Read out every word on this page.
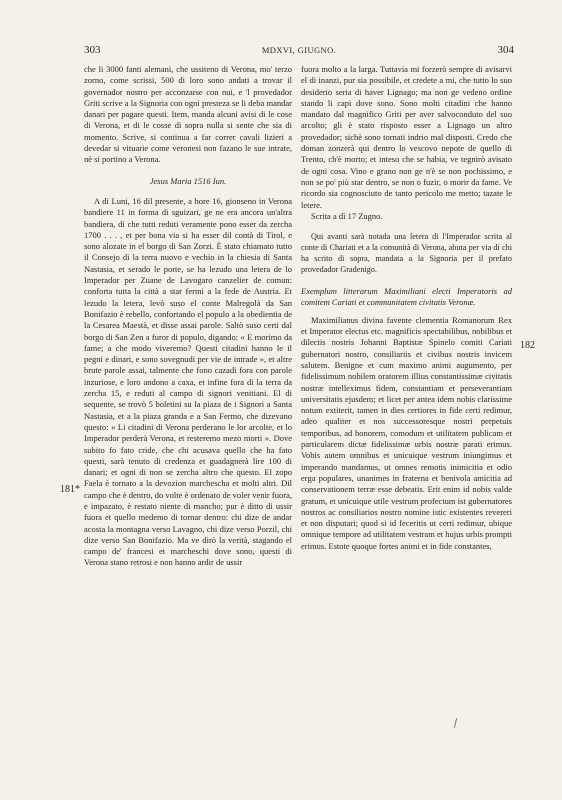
303	MDXVI, GIUGNO.	304

che li 3000 fanti alemani, che ussiteno di Verona, mo' terzo zorno, come scrissi, 500 di loro sono andati a trovar il governador nostro per acconzarse con nui, e 'l provedador Griti scrive a la Signoria con ogni presteza se li deba mandar danari per pagare questi. Item, manda alcuni avisi di le cose di Verona, et di le cosse di sopra nulla si sente che sia di momento. Scrive, si continua a far correr cavali lizieri a devedar si vituarie come veronesi non fazano le sue intrate, nè si portino a Verona.

Jesus Maria 1516 Iun.

A dì Luni, 16 dil presente, a hore 16, gionseno in Verona bandiere 11 in forma di sguizari, ge ne era ancora un'altra bandiera, di che tutti reduti veramente pono esser da zercha 1700 . . . , et per bona via si ha esser dil contà di Tirol, e sono alozate in el borgo di San Zorzi. È stato chiamato tutto il Consejo di la terra nuovo e vechio in la chiesia di Santa Nastasia, et serado le porte, se ha lezudo una letera de lo Imperador per Zuane de Lavogaro canzelier de comun: conforta tutta la città a star fermi a la fede de Austria. Et lezudo la letera, levò suso el conte Malregolà da San Bonifazio è rebello, confortando el populo a la obedientia de la Cesarea Maestà, et disse assai parole. Saltò suso certi dal borgo di San Zen a furor di populo, digando: « E morimo da fame; a che modo viveremo? Questi citadini hanno le il pegni e dinari, e sono sovegnudi per vie de intrade », et altre brute parole assai, talmente che fono cazadi fora con parole inzuriose, e loro andono a caxa, et infine fora di la terra da zercha 15, e reduti al campo di signori venitiani. El di sequente, se trovò 5 boletini su la piaza de i Signori a Santa Nastasia, et a la piaza granda e a San Fermo, che dizevano questo: « Li citadini di Verona perderano le lor arcolte, et lo Imperador perderà Verona, et resteremo mezo morti ». Dove subito fo fato cride, che chi acusava quello che ha fato questi, sarà tenuto di credenza et guadagnerà lire 100 di danari; et ogni di non se zercha altro che questo. El zopo Faela è tornato a la devozion marchescha et molti altri. Dil campo che è dentro, do volte è ordenato de voler venir fuora, e impazato, è restato niente di mancho; pur è ditto di ussir fuora et quello medemo di tornar dentro: chi dize de andar acosta la montagna verso Lavagno, chi dize verso Porzil, chi dize verso San Bonifazio. Ma ve dirò la verità, stagando el campo de' francesi et marcheschi dove sono, questi di Verona stano retrosi e non hanno ardir de ussir

fuora molto a la larga. Tuttavia mi forzerò sempre di avisarvi el di inanzi, pur sia possibile, et credete a mi, che tutto lo suo desiderio seria di haver Lignago; ma non ge vedeno ordine stando li capi dove sono. Sono molti citadini che hanno mandato dal magnifico Griti per aver salvoconduto del suo arcolto; gli è stato risposto esser a Lignago un altro provedador; sichè sono tornati indrio mal disposti. Credo che doman zonzerà qui dentro lo vescovo nepote de quello di Trento, ch'è morto; et inteso che se habia, ve tegnirò avisato de ogni cosa. Vino e grano non ge n'è se non pochissimo, e non se po' più star dentro, se non o fuzir, o morir da fame. Ve ricordo sia cognosciuto de tanto pericolo me metto; tazate le letere.

Scrita a dì 17 Zugno.

Qui avanti sarà notada una letera di l'Imperador scrita al conte di Chariati et a la comunità di Verona, abuta per via di chi ha scrito di sopra, mandata a la Signoria per il prefato provedador Gradenigo.

Exemplum litterarum Maximiliani electi Imperatoris ad comitem Cariati et communitatem civitatis Veronæ.

Maximilianus divina favente clementia Romanorum Rex et Imperator electus etc. magnificis spectabilibus, nobilibus et dilectis nostris Johanni Baptistæ Spinelo comiti Cariati gubernatori nostro, consiliariis et civibus nostris invicem salutem. Benigne et cum maximo animi augumento, per fidelissimum nobilem oratorem illius constantissimæ civitatis nostræ intelleximus fidem, constantiam et perseverantiam universitatis ejusdem; et licet per antea idem nobis clarissime notum extiterit, tamen in dies certiores in fide certi redimur, adeo qualiter et nos successoresque nostri perpetuis temporibus, ad honorem, comodum et utilitatem publicam et particularem dictæ fidelissimæ urbis nostræ parati erimus. Vobis autem omnibus et unicuique vestrum iniungimus et imperando mandamus, ut omnes remotis inimicitia et odio erga populares, unanimes in fraterna et benivola amicitia ad conservationem terræ esse debeatis. Erit enim id nobis valde gratum, et unicuique utile vestrum profectum ist gubernatores nostros ac consiliarios nostro nomine istic existentes revereri et non disputari; quod si id feceritis ut certi redimur, ubique omnique tempore ad utilitatem vestram et hujus urbis prompti erimus. Estote quoque fortes animi et in fide constantes,

181*
182
